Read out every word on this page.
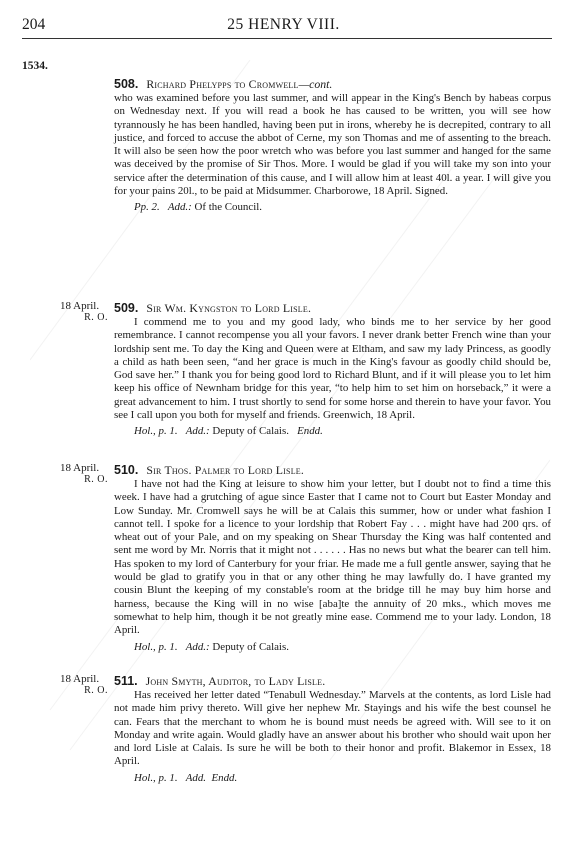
204	25 HENRY VIII.
1534.
508. Richard Phelypps to Cromwell—cont.

who was examined before you last summer, and will appear in the King's Bench by habeas corpus on Wednesday next. If you will read a book he has caused to be written, you will see how tyrannously he has been handled, having been put in irons, whereby he is decrepited, contrary to all justice, and forced to accuse the abbot of Cerne, my son Thomas and me of assenting to the breach. It will also be seen how the poor wretch who was before you last summer and hanged for the same was deceived by the promise of Sir Thos. More. I would be glad if you will take my son into your service after the determination of this cause, and I will allow him at least 40l. a year. I will give you for your pains 20l., to be paid at Midsummer. Charborowe, 18 April. Signed.

Pp. 2. Add.: Of the Council.
18 April.
R. O.
509. Sir Wm. Kyngston to Lord Lisle.

I commend me to you and my good lady, who binds me to her service by her good remembrance. I cannot recompense you all your favors. I never drank better French wine than your lordship sent me. To day the King and Queen were at Eltham, and saw my lady Princess, as goodly a child as hath been seen, “and her grace is much in the King's favour as goodly child should be, God save her.” I thank you for being good lord to Richard Blunt, and if it will please you to let him keep his office of Newnham bridge for this year, “to help him to set him on horseback,” it were a great advancement to him. I trust shortly to send for some horse and therein to have your favor. You see I call upon you both for myself and friends. Greenwich, 18 April.

Hol., p. 1. Add.: Deputy of Calais. Endd.
18 April.
R. O.
510. Sir Thos. Palmer to Lord Lisle.

I have not had the King at leisure to show him your letter, but I doubt not to find a time this week. I have had a grutching of ague since Easter that I came not to Court but Easter Monday and Low Sunday. Mr. Cromwell says he will be at Calais this summer, how or under what fashion I cannot tell. I spoke for a licence to your lordship that Robert Fay . . . might have had 200 qrs. of wheat out of your Pale, and on my speaking on Shear Thursday the King was half contented and sent me word by Mr. Norris that it might not . . . . . . Has no news but what the bearer can tell him. Has spoken to my lord of Canterbury for your friar. He made me a full gentle answer, saying that he would be glad to gratify you in that or any other thing he may lawfully do. I have granted my cousin Blunt the keeping of my constable's room at the bridge till he may buy him horse and harness, because the King will in no wise [aba]te the annuity of 20 mks., which moves me somewhat to help him, though it be not greatly mine ease. Commend me to your lady. London, 18 April.

Hol., p. 1. Add.: Deputy of Calais.
18 April.
R. O.
511. John Smyth, Auditor, to Lady Lisle.

Has received her letter dated “Tenabull Wednesday.” Marvels at the contents, as lord Lisle had not made him privy thereto. Will give her nephew Mr. Stayings and his wife the best counsel he can. Fears that the merchant to whom he is bound must needs be agreed with. Will see to it on Monday and write again. Would gladly have an answer about his brother who should wait upon her and lord Lisle at Calais. Is sure he will be both to their honor and profit. Blakemor in Essex, 18 April.

Hol., p. 1. Add. Endd.
